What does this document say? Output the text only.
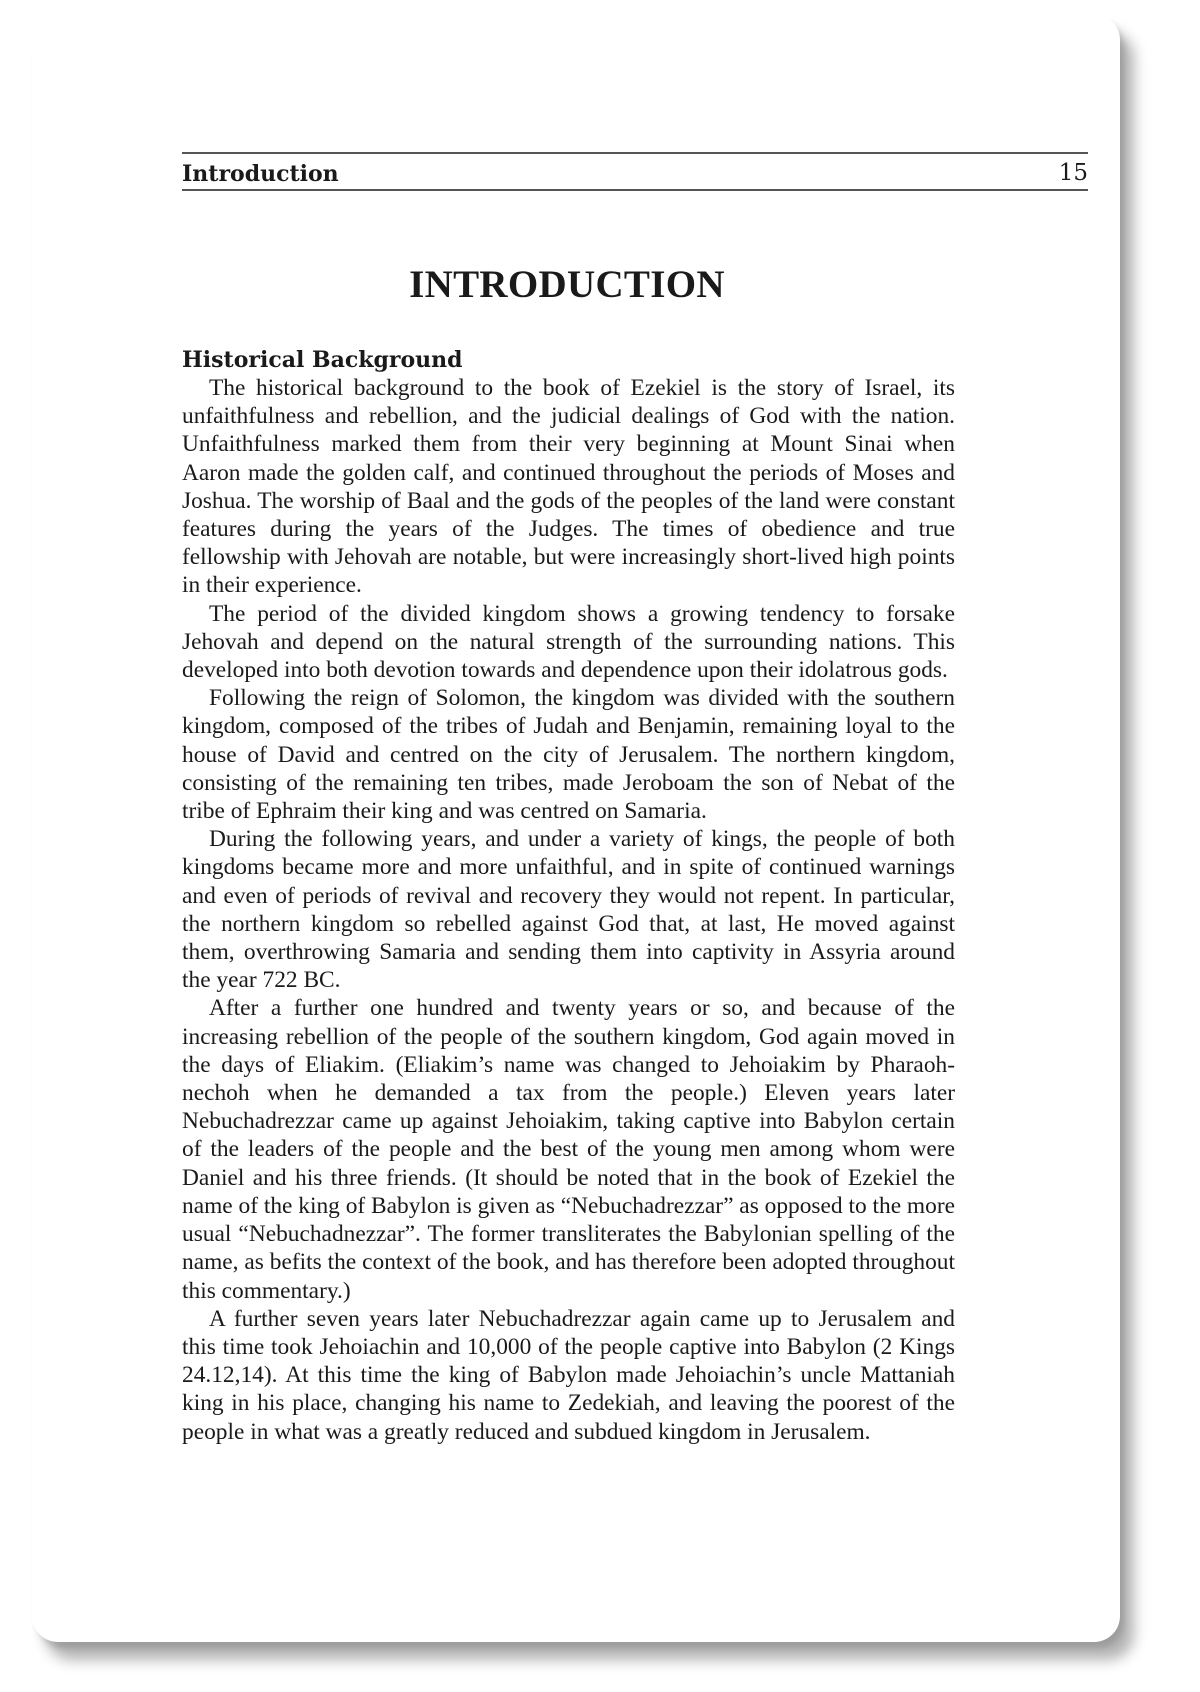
Introduction	15
INTRODUCTION
Historical Background

The historical background to the book of Ezekiel is the story of Israel, its unfaithfulness and rebellion, and the judicial dealings of God with the nation. Unfaithfulness marked them from their very beginning at Mount Sinai when Aaron made the golden calf, and continued throughout the periods of Moses and Joshua. The worship of Baal and the gods of the peoples of the land were constant features during the years of the Judges. The times of obedience and true fellowship with Jehovah are notable, but were increasingly short-lived high points in their experience.

The period of the divided kingdom shows a growing tendency to forsake Jehovah and depend on the natural strength of the surrounding nations. This developed into both devotion towards and dependence upon their idolatrous gods.

Following the reign of Solomon, the kingdom was divided with the southern kingdom, composed of the tribes of Judah and Benjamin, remaining loyal to the house of David and centred on the city of Jerusalem. The northern kingdom, consisting of the remaining ten tribes, made Jeroboam the son of Nebat of the tribe of Ephraim their king and was centred on Samaria.

During the following years, and under a variety of kings, the people of both kingdoms became more and more unfaithful, and in spite of continued warnings and even of periods of revival and recovery they would not repent. In particular, the northern kingdom so rebelled against God that, at last, He moved against them, overthrowing Samaria and sending them into captivity in Assyria around the year 722 BC.

After a further one hundred and twenty years or so, and because of the increasing rebellion of the people of the southern kingdom, God again moved in the days of Eliakim. (Eliakim’s name was changed to Jehoiakim by Pharaoh-nechoh when he demanded a tax from the people.) Eleven years later Nebuchadrezzar came up against Jehoiakim, taking captive into Babylon certain of the leaders of the people and the best of the young men among whom were Daniel and his three friends. (It should be noted that in the book of Ezekiel the name of the king of Babylon is given as “Nebuchadrezzar” as opposed to the more usual “Nebuchadnezzar”. The former transliterates the Babylonian spelling of the name, as befits the context of the book, and has therefore been adopted throughout this commentary.)

A further seven years later Nebuchadrezzar again came up to Jerusalem and this time took Jehoiachin and 10,000 of the people captive into Babylon (2 Kings 24.12,14). At this time the king of Babylon made Jehoiachin’s uncle Mattaniah king in his place, changing his name to Zedekiah, and leaving the poorest of the people in what was a greatly reduced and subdued kingdom in Jerusalem.
